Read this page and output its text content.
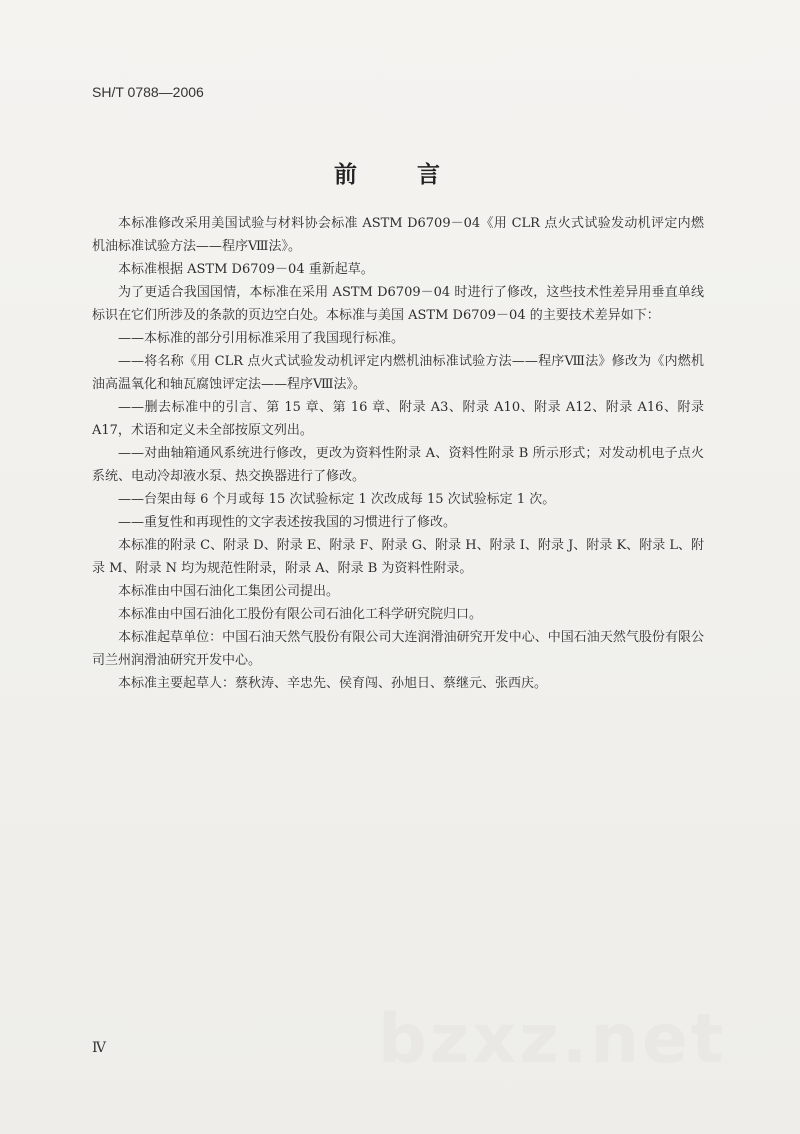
SH/T 0788—2006
前 言

本标准修改采用美国试验与材料协会标准 ASTM D6709－04《用 CLR 点火式试验发动机评定内燃机油标准试验方法——程序Ⅷ法》。

本标准根据 ASTM D6709－04 重新起草。

为了更适合我国国情，本标准在采用 ASTM D6709－04 时进行了修改，这些技术性差异用垂直单线标识在它们所涉及的条款的页边空白处。本标准与美国 ASTM D6709－04 的主要技术差异如下：

——本标准的部分引用标准采用了我国现行标准。

——将名称《用 CLR 点火式试验发动机评定内燃机油标准试验方法——程序Ⅷ法》修改为《内燃机油高温氧化和轴瓦腐蚀评定法——程序Ⅷ法》。

——删去标准中的引言、第 15 章、第 16 章、附录 A3、附录 A10、附录 A12、附录 A16、附录 A17，术语和定义未全部按原文列出。

——对曲轴箱通风系统进行修改，更改为资料性附录 A、资料性附录 B 所示形式；对发动机电子点火系统、电动冷却液水泵、热交换器进行了修改。

——台架由每 6 个月或每 15 次试验标定 1 次改成每 15 次试验标定 1 次。

——重复性和再现性的文字表述按我国的习惯进行了修改。

本标准的附录 C、附录 D、附录 E、附录 F、附录 G、附录 H、附录 I、附录 J、附录 K、附录 L、附录 M、附录 N 均为规范性附录，附录 A、附录 B 为资料性附录。

本标准由中国石油化工集团公司提出。

本标准由中国石油化工股份有限公司石油化工科学研究院归口。

本标准起草单位：中国石油天然气股份有限公司大连润滑油研究开发中心、中国石油天然气股份有限公司兰州润滑油研究开发中心。

本标准主要起草人：蔡秋涛、辛忠先、侯育闯、孙旭日、蔡继元、张西庆。

bzxz.net
Ⅳ
